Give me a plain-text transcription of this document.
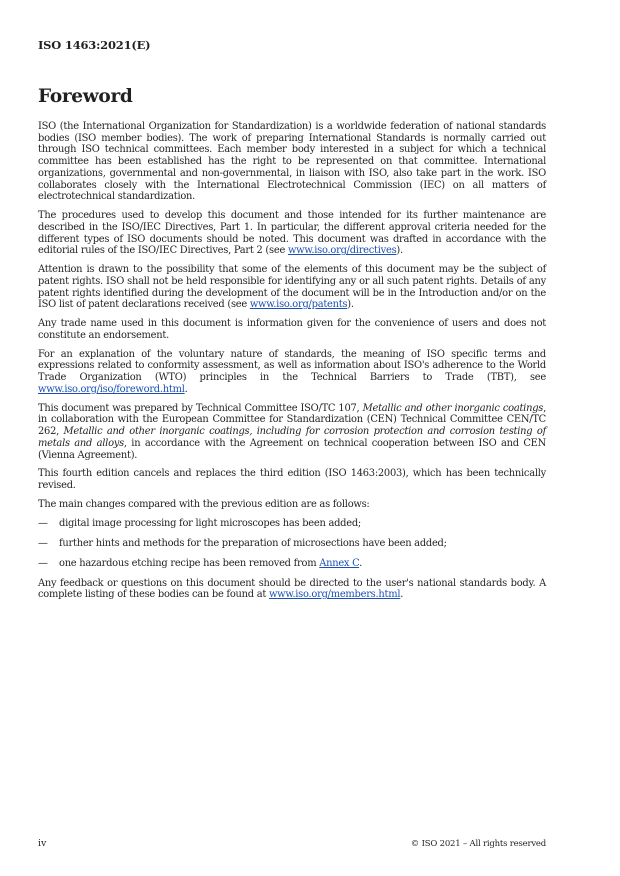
ISO 1463:2021(E)
Foreword

ISO (the International Organization for Standardization) is a worldwide federation of national standards bodies (ISO member bodies). The work of preparing International Standards is normally carried out through ISO technical committees. Each member body interested in a subject for which a technical committee has been established has the right to be represented on that committee. International organizations, governmental and non-governmental, in liaison with ISO, also take part in the work. ISO collaborates closely with the International Electrotechnical Commission (IEC) on all matters of electrotechnical standardization.

The procedures used to develop this document and those intended for its further maintenance are described in the ISO/IEC Directives, Part 1. In particular, the different approval criteria needed for the different types of ISO documents should be noted. This document was drafted in accordance with the editorial rules of the ISO/IEC Directives, Part 2 (see www.iso.org/directives).

Attention is drawn to the possibility that some of the elements of this document may be the subject of patent rights. ISO shall not be held responsible for identifying any or all such patent rights. Details of any patent rights identified during the development of the document will be in the Introduction and/or on the ISO list of patent declarations received (see www.iso.org/patents).

Any trade name used in this document is information given for the convenience of users and does not constitute an endorsement.

For an explanation of the voluntary nature of standards, the meaning of ISO specific terms and expressions related to conformity assessment, as well as information about ISO's adherence to the World Trade Organization (WTO) principles in the Technical Barriers to Trade (TBT), see www.iso.org/iso/foreword.html.

This document was prepared by Technical Committee ISO/TC 107, Metallic and other inorganic coatings, in collaboration with the European Committee for Standardization (CEN) Technical Committee CEN/TC 262, Metallic and other inorganic coatings, including for corrosion protection and corrosion testing of metals and alloys, in accordance with the Agreement on technical cooperation between ISO and CEN (Vienna Agreement).

This fourth edition cancels and replaces the third edition (ISO 1463:2003), which has been technically revised.

The main changes compared with the previous edition are as follows:

—	digital image processing for light microscopes has been added;
—	further hints and methods for the preparation of microsections have been added;
—	one hazardous etching recipe has been removed from Annex C.

Any feedback or questions on this document should be directed to the user's national standards body. A complete listing of these bodies can be found at www.iso.org/members.html.

iv	© ISO 2021 – All rights reserved
